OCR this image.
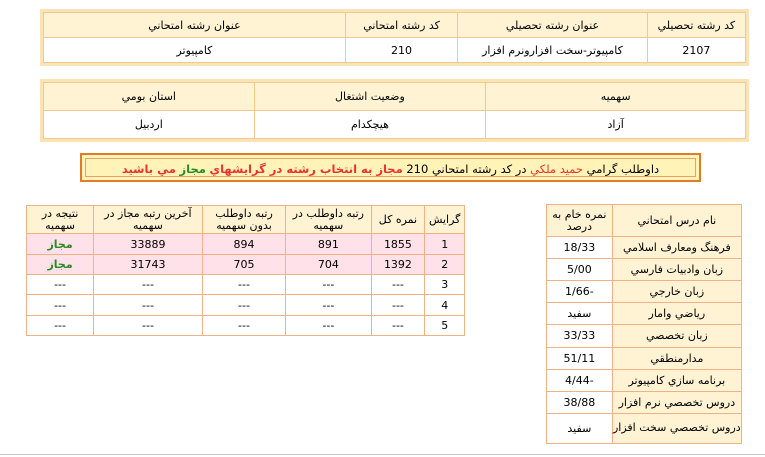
كد رشته تحصيلي	عنوان رشته تحصيلي	كد رشته امتحاني	عنوان رشته امتحاني
2107	كامپيوتر-سخت افزارونرم افزار	210	كامپيوتر
سهميه	وضعيت اشتغال	استان بومي
آزاد	هيچكدام	اردبيل
داوطلب گرامي حميد ملكي در كد رشته امتحاني 210 مجاز به انتخاب رشته در گرايشهاي مجاز مي باشيد
گرايش	نمره كل	رتبه داوطلب در سهميه	رتبه داوطلب بدون سهميه	آخرين رتبه مجاز در سهميه	نتيجه در سهميه
1	1855	891	894	33889	مجاز
2	1392	704	705	31743	مجاز
3	---	---	---	---	---
4	---	---	---	---	---
5	---	---	---	---	---
نام درس امتحاني	نمره خام به درصد
فرهنگ ومعارف اسلامي	18/33
زبان وادبيات فارسي	5/00
زبان خارجي	-1/66
رياضي وامار	سفيد
زبان تخصصي	33/33
مدارمنطقي	51/11
برنامه سازي كامپيوتر	-4/44
دروس تخصصي نرم افزار	38/88
دروس تخصصي سخت افزار	سفيد
